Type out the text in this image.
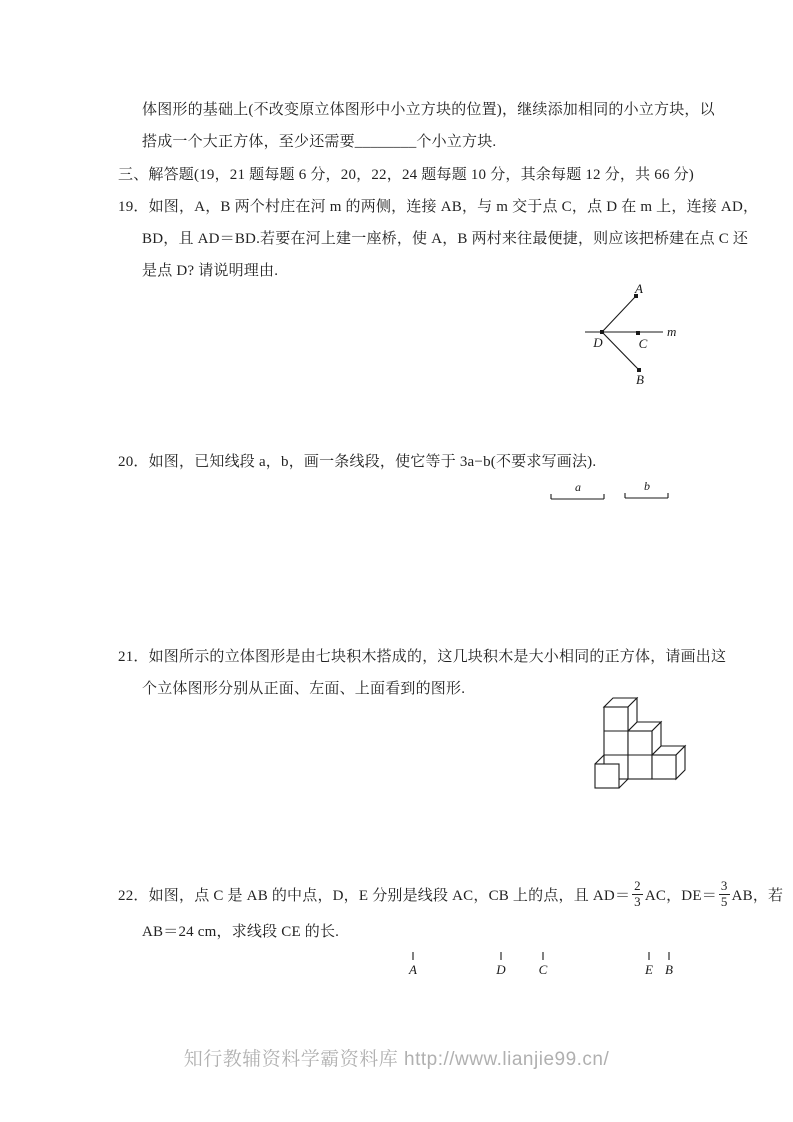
体图形的基础上(不改变原立体图形中小立方块的位置)，继续添加相同的小立方块，以
搭成一个大正方体，至少还需要________个小立方块.
三、解答题(19，21 题每题 6 分，20，22，24 题每题 10 分，其余每题 12 分，共 66 分)
19．如图，A，B 两个村庄在河 m 的两侧，连接 AB，与 m 交于点 C，点 D 在 m 上，连接 AD，
BD，且 AD＝BD.若要在河上建一座桥，使 A，B 两村来往最便捷，则应该把桥建在点 C 还
是点 D? 请说明理由.
A
D	C
B
m
20．如图，已知线段 a，b，画一条线段，使它等于 3a−b(不要求写画法).
a	b
21．如图所示的立体图形是由七块积木搭成的，这几块积木是大小相同的正方体，请画出这
个立体图形分别从正面、左面、上面看到的图形.
22．如图，点 C 是 AB 的中点，D，E 分别是线段 AC，CB 上的点，且 $AD= \frac{2}{3}$ AC，$DE= \frac{3}{5}$ AB，若
AB＝24 cm，求线段 CE 的长.
A	D	C	E B
知行教辅资料学霸资料库 http://www.lianjie99.cn/
